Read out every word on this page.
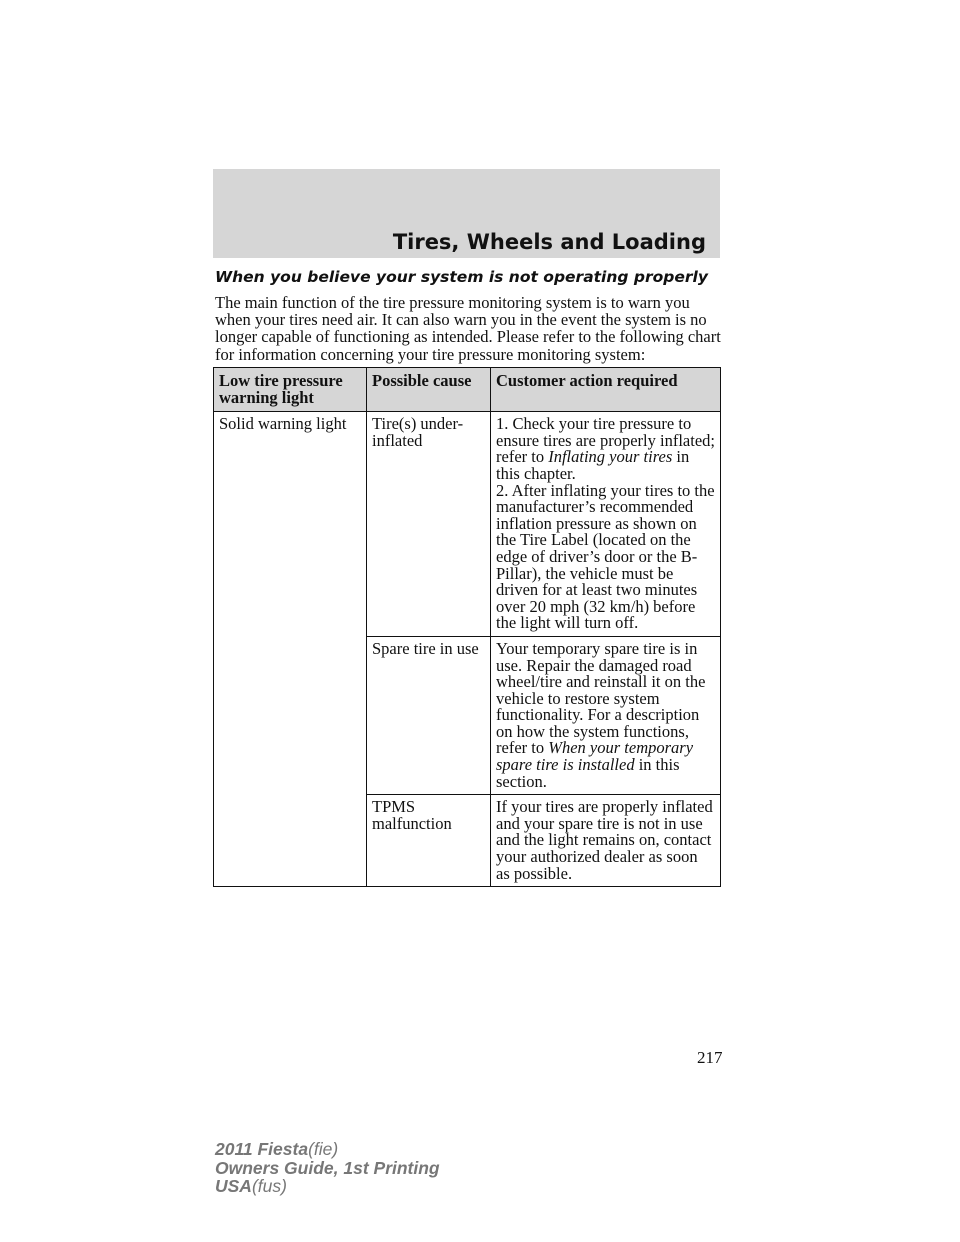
Tires, Wheels and Loading
When you believe your system is not operating properly

The main function of the tire pressure monitoring system is to warn you when your tires need air. It can also warn you in the event the system is no longer capable of functioning as intended. Please refer to the following chart for information concerning your tire pressure monitoring system:

Low tire pressure warning light	Possible cause	Customer action required
Solid warning light	Tire(s) under-inflated	1. Check your tire pressure to ensure tires are properly inflated; refer to Inflating your tires in this chapter.
2. After inflating your tires to the manufacturer’s recommended inflation pressure as shown on the Tire Label (located on the edge of driver’s door or the B-Pillar), the vehicle must be driven for at least two minutes over 20 mph (32 km/h) before the light will turn off.
	Spare tire in use	Your temporary spare tire is in use. Repair the damaged road wheel/tire and reinstall it on the vehicle to restore system functionality. For a description on how the system functions, refer to When your temporary spare tire is installed in this section.
	TPMS malfunction	If your tires are properly inflated and your spare tire is not in use and the light remains on, contact your authorized dealer as soon as possible.
217
2011 Fiesta(fie)
Owners Guide, 1st Printing
USA(fus)
